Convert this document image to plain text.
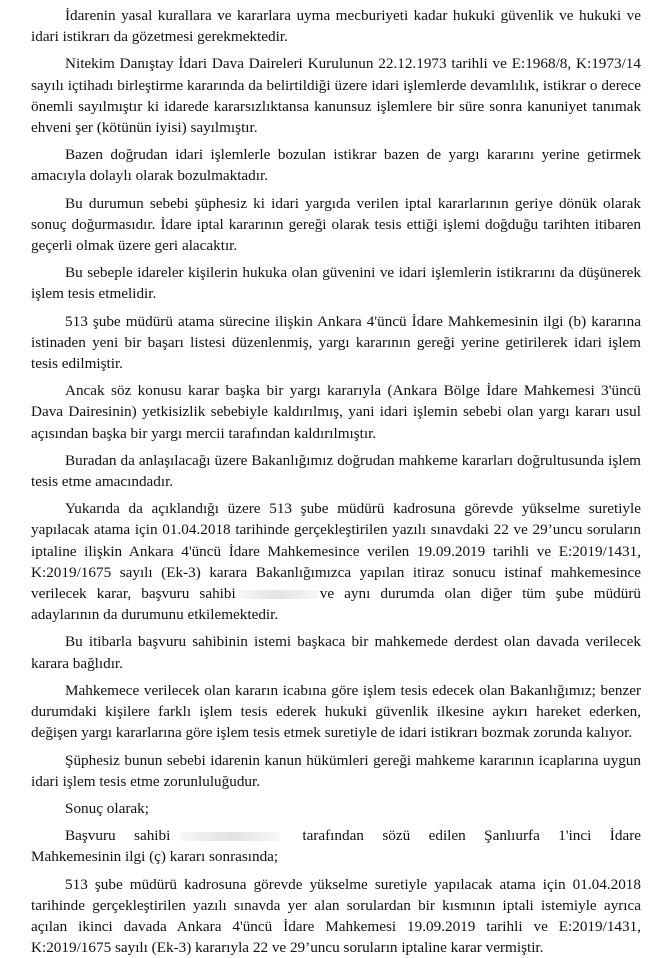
İdarenin yasal kurallara ve kararlara uyma mecburiyeti kadar hukuki güvenlik ve hukuki ve idari istikrarı da gözetmesi gerekmektedir.

Nitekim Danıştay İdari Dava Daireleri Kurulunun 22.12.1973 tarihli ve E:1968/8, K:1973/14 sayılı içtihadı birleştirme kararında da belirtildiği üzere idari işlemlerde devamlılık, istikrar o derece önemli sayılmıştır ki idarede kararsızlıktansa kanunsuz işlemlere bir süre sonra kanuniyet tanımak ehveni şer (kötünün iyisi) sayılmıştır.

Bazen doğrudan idari işlemlerle bozulan istikrar bazen de yargı kararını yerine getirmek amacıyla dolaylı olarak bozulmaktadır.

Bu durumun sebebi şüphesiz ki idari yargıda verilen iptal kararlarının geriye dönük olarak sonuç doğurmasıdır. İdare iptal kararının gereği olarak tesis ettiği işlemi doğduğu tarihten itibaren geçerli olmak üzere geri alacaktır.

Bu sebeple idareler kişilerin hukuka olan güvenini ve idari işlemlerin istikrarını da düşünerek işlem tesis etmelidir.

513 şube müdürü atama sürecine ilişkin Ankara 4'üncü İdare Mahkemesinin ilgi (b) kararına istinaden yeni bir başarı listesi düzenlenmiş, yargı kararının gereği yerine getirilerek idari işlem tesis edilmiştir.

Ancak söz konusu karar başka bir yargı kararıyla (Ankara Bölge İdare Mahkemesi 3'üncü Dava Dairesinin) yetkisizlik sebebiyle kaldırılmış, yani idari işlemin sebebi olan yargı kararı usul açısından başka bir yargı mercii tarafından kaldırılmıştır.

Buradan da anlaşılacağı üzere Bakanlığımız doğrudan mahkeme kararları doğrultusunda işlem tesis etme amacındadır.

Yukarıda da açıklandığı üzere 513 şube müdürü kadrosuna görevde yükselme suretiyle yapılacak atama için 01.04.2018 tarihinde gerçekleştirilen yazılı sınavdaki 22 ve 29’uncu soruların iptaline ilişkin Ankara 4'üncü İdare Mahkemesince verilen 19.09.2019 tarihli ve E:2019/1431, K:2019/1675 sayılı (Ek-3) karara Bakanlığımızca yapılan itiraz sonucu istinaf mahkemesince verilecek karar, başvuru sahibi	ve aynı durumda olan diğer tüm şube müdürü adaylarının da durumunu etkilemektedir.

Bu itibarla başvuru sahibinin istemi başkaca bir mahkemede derdest olan davada verilecek karara bağlıdır.

Mahkemece verilecek olan kararın icabına göre işlem tesis edecek olan Bakanlığımız; benzer durumdaki kişilere farklı işlem tesis ederek hukuki güvenlik ilkesine aykırı hareket ederken, değişen yargı kararlarına göre işlem tesis etmek suretiyle de idari istikrarı bozmak zorunda kalıyor.

Şüphesiz bunun sebebi idarenin kanun hükümleri gereği mahkeme kararının icaplarına uygun idari işlem tesis etme zorunluluğudur.

Sonuç olarak;

Başvuru sahibi	tarafından sözü edilen Şanlıurfa 1'inci İdare Mahkemesinin ilgi (ç) kararı sonrasında;

513 şube müdürü kadrosuna görevde yükselme suretiyle yapılacak atama için 01.04.2018 tarihinde gerçekleştirilen yazılı sınavda yer alan sorulardan bir kısmının iptali istemiyle ayrıca açılan ikinci davada Ankara 4'üncü İdare Mahkemesi 19.09.2019 tarihli ve E:2019/1431, K:2019/1675 sayılı (Ek-3) kararıyla 22 ve 29’uncu soruların iptaline karar vermiştir.
